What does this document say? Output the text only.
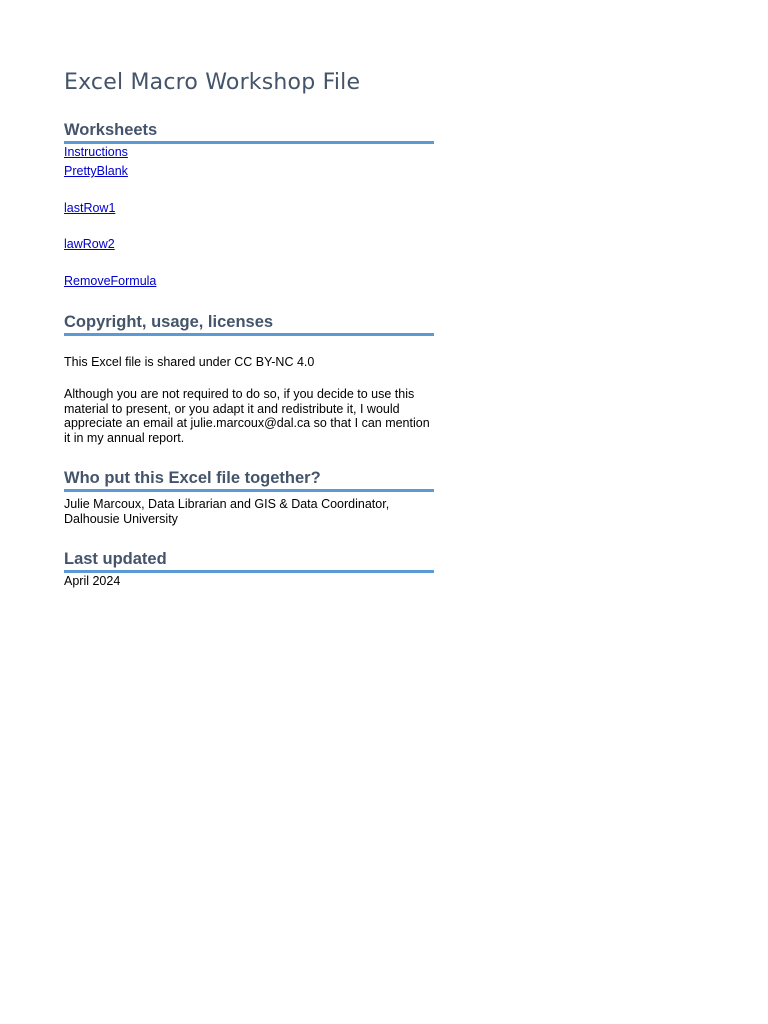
Excel Macro Workshop File
Worksheets
Instructions
PrettyBlank
lastRow1
lawRow2
RemoveFormula
Copyright, usage, licenses
This Excel file is shared under CC BY-NC 4.0
Although you are not required to do so, if you decide to use this material to present, or you adapt it and redistribute it, I would appreciate an email at julie.marcoux@dal.ca so that I can mention it in my annual report.
Who put this Excel file together?
Julie Marcoux, Data Librarian and GIS & Data Coordinator, Dalhousie University
Last updated
April 2024
